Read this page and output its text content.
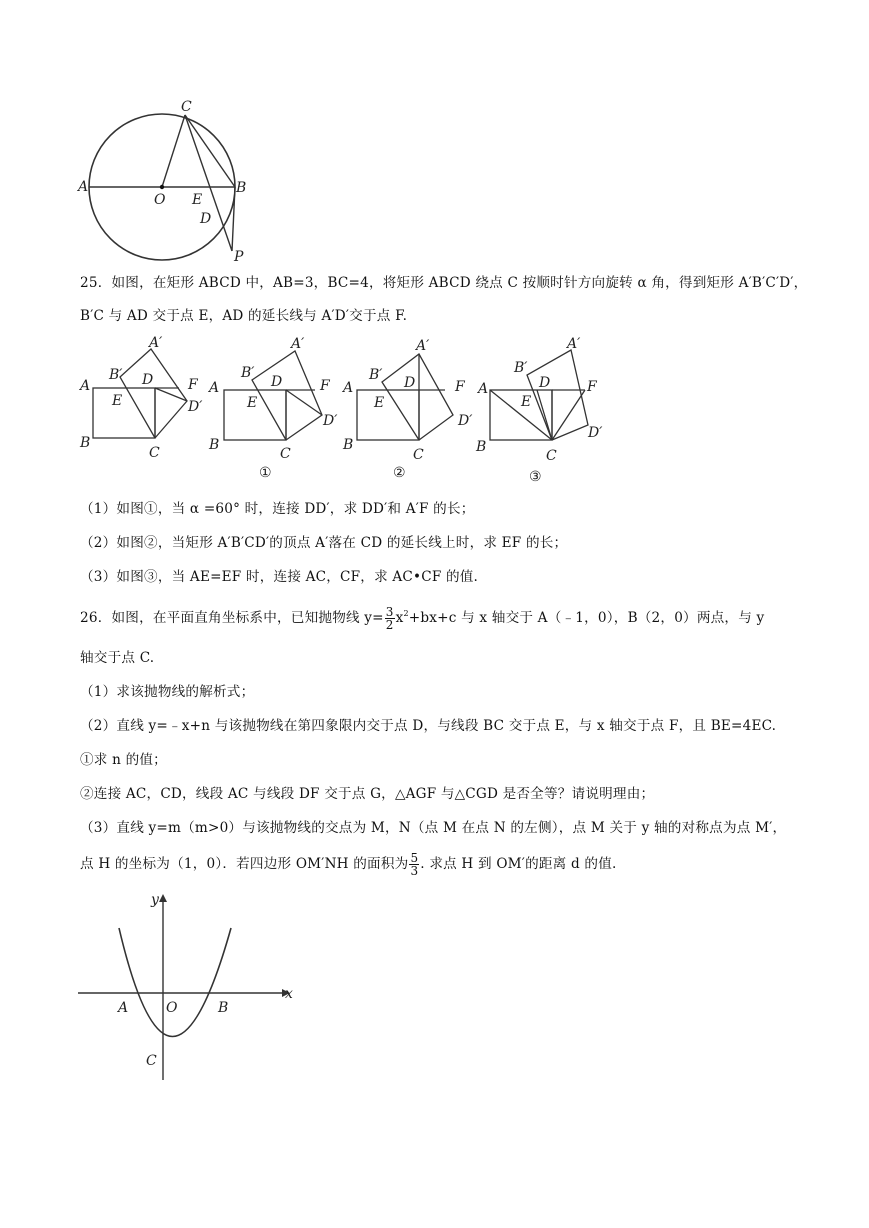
A
O
C
E
B
D
P
25．如图，在矩形 ABCD 中，AB=3，BC=4，将矩形 ABCD 绕点 C 按顺时针方向旋转 α 角，得到矩形 A′B′C′D′，
B′C 与 AD 交于点 E，AD 的延长线与 A′D′交于点 F.
A
B
C
D
E
F
A′
B′
D′
A
B
C
D
E
F
A′
B′
D′
①
A
B
C
D
E
F
A′
B′
D′
②
A
B
C
D
E
F
A′
B′
D′
③
（1）如图①，当 α =60° 时，连接 DD′，求 DD′和 A′F 的长；
（2）如图②，当矩形 A′B′CD′的顶点 A′落在 CD 的延长线上时，求 EF 的长；
（3）如图③，当 AE=EF 时，连接 AC，CF，求 AC•CF 的值.
26．如图，在平面直角坐标系中，已知抛物线 $y= \frac{3}{2} x^2+bx+c$ 与 x 轴交于 A（﹣1，0），B（2，0）两点，与 y
轴交于点 C.
（1）求该抛物线的解析式；
（2）直线 y=﹣x+n 与该抛物线在第四象限内交于点 D，与线段 BC 交于点 E，与 x 轴交于点 F，且 BE=4EC.
①求 n 的值；
②连接 AC，CD，线段 AC 与线段 DF 交于点 G，△AGF 与△CGD 是否全等？请说明理由；
（3）直线 y=m（m>0）与该抛物线的交点为 M，N（点 M 在点 N 的左侧），点 M 关于 y 轴的对称点为点 M′，
点 H 的坐标为（1，0）．若四边形 OM′NH 的面积为 $\frac{5}{3}$ . 求点 H 到 OM′的距离 d 的值.
y
x
A	O	B
C
